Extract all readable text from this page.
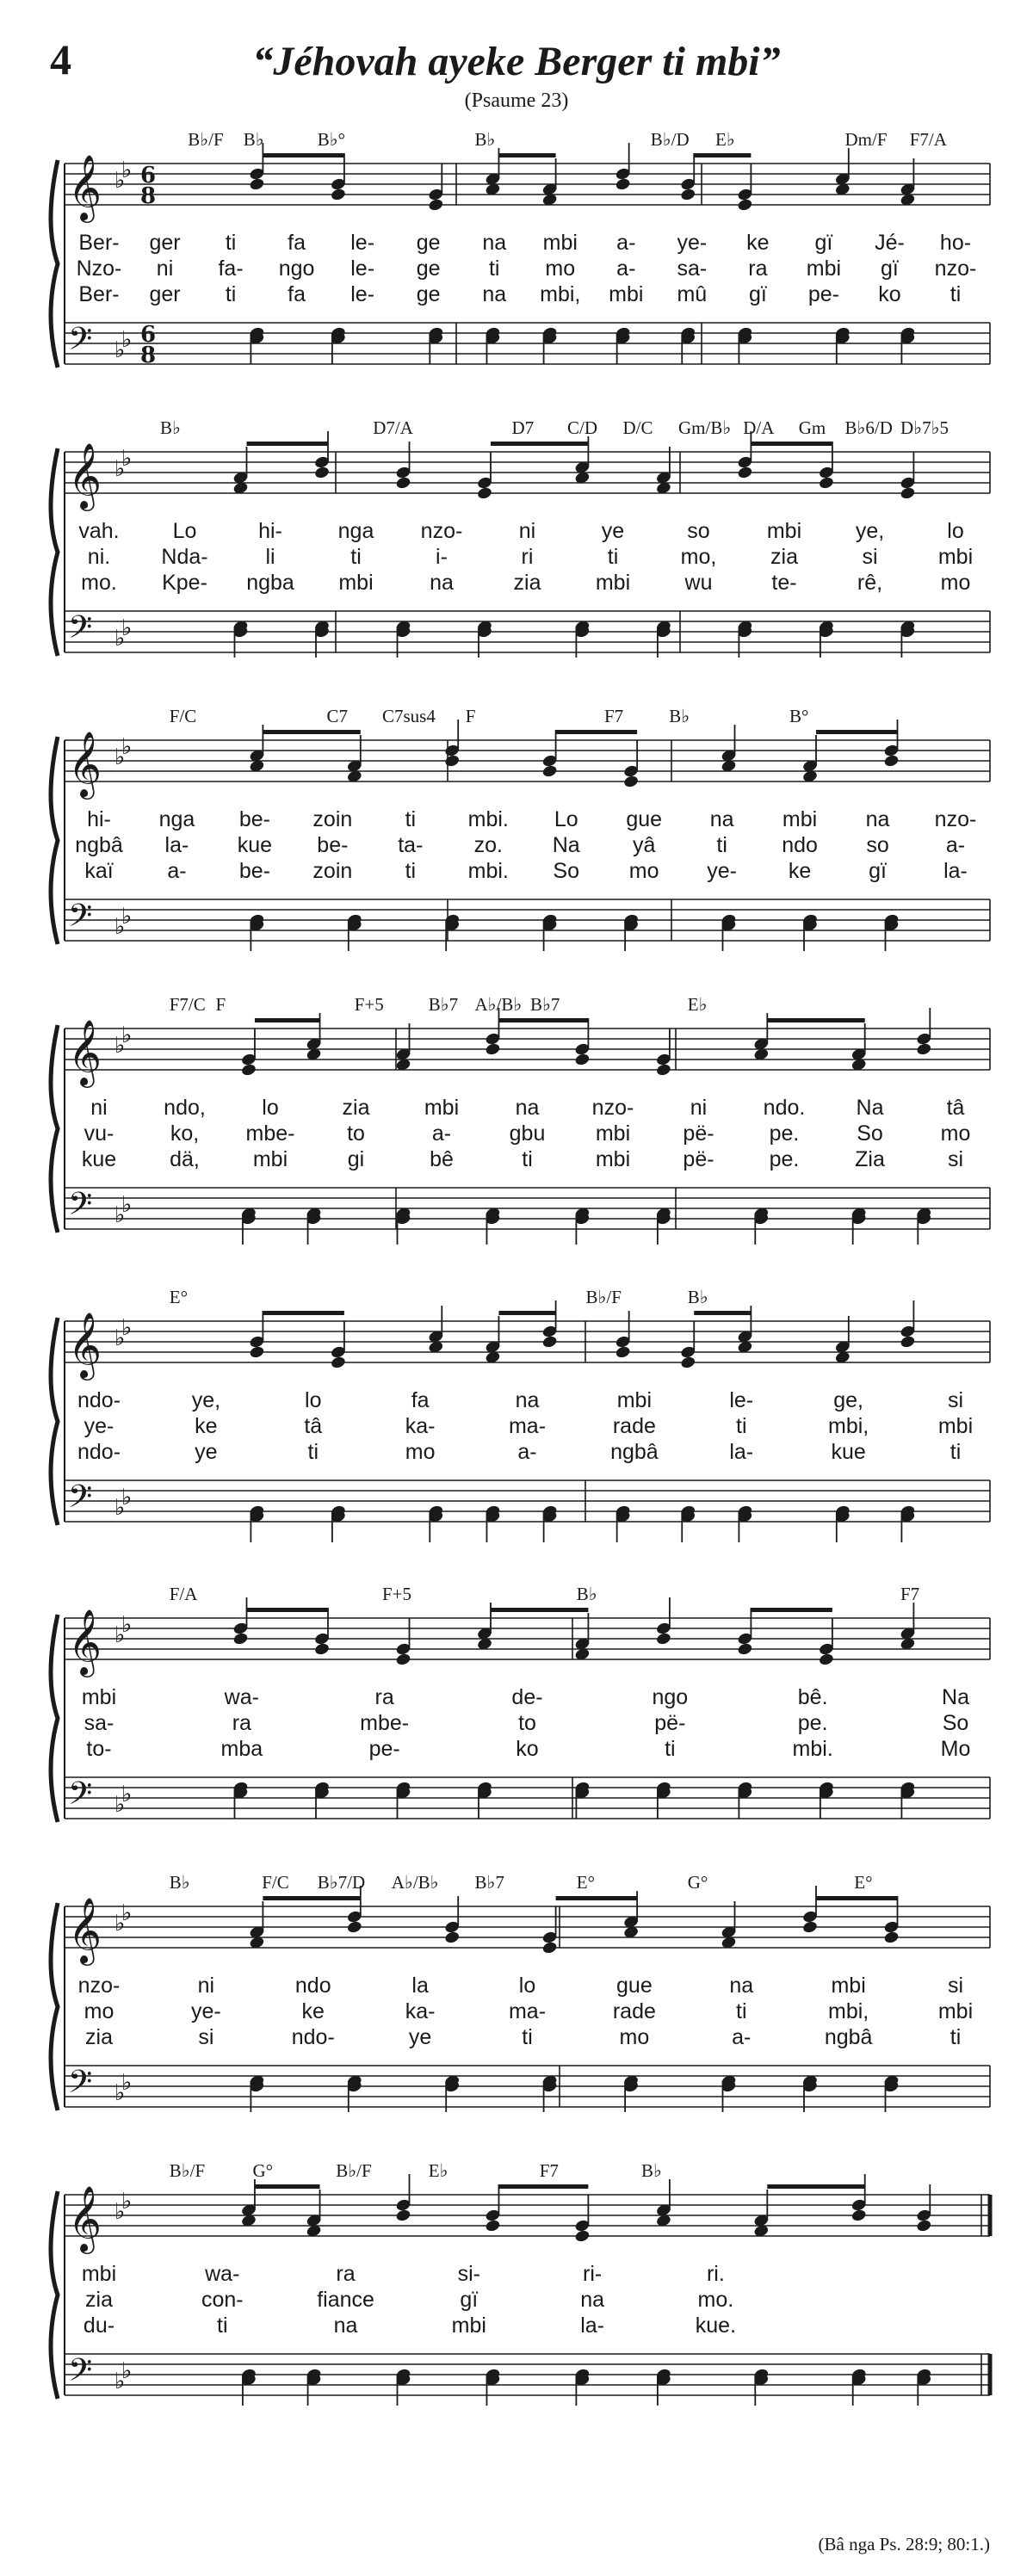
4	“Jéhovah ayeke Berger ti mbi”
(Psaume 23)
𝄞
𝄢
♭
♭
♭
♭
6
8
6
8
B♭/F B♭	B♭°	B♭	B♭/D E♭	Dm/F F7/A
Ber- ger ti fa le- ge na mbi a- ye- ke gï Jé- ho-
Nzo- ni fa- ngo le- ge ti mo a- sa- ra mbi gï nzo-
Ber- ger ti fa le- ge na mbi, mbi mû gï pe- ko ti
𝄞
𝄢
♭
♭
♭
♭
B♭	D7/A	D7 C/D D/C Gm/B♭ D/A Gm B♭6/D D♭7♭5
vah. Lo	hi-	nga nzo-	ni	ye	so	mbi	ye,	lo
ni. Nda-	li	ti	i-	ri	ti	mo,	zia	si	mbi
mo. Kpe- ngba mbi	na	zia	mbi	wu	te-	rê,	mo
𝄞
𝄢
♭
♭
♭
♭
F/C	C7 C7sus4 F	F7	B♭	B°
hi- nga be- zoin ti mbi. Lo gue na mbi na nzo-
ngbâ la- kue be- ta- zo. Na yâ	ti	ndo so	a-
kaï	a- be- zoin ti mbi. So mo ye- ke	gï	la-
𝄞
𝄢
♭
♭
♭
♭
F7/C F	F+5 B♭7 A♭/B♭ B♭7	E♭
ni	ndo,	lo	zia	mbi	na nzo-	ni	ndo. Na	tâ
vu-	ko, mbe- to	a-	gbu mbi pë-	pe.	So	mo
kue dä, mbi	gi	bê	ti	mbi pë-	pe.	Zia	si
𝄞
𝄢
♭
♭
♭
♭
E°	B♭/F	B♭
ndo-	ye,	lo	fa	na	mbi	le-	ge,	si
ye-	ke	tâ	ka-	ma-	rade	ti	mbi,	mbi
ndo-	ye	ti	mo	a-	ngbâ	la-	kue	ti
𝄞
𝄢
♭
♭
♭
♭
F/A	F+5	B♭	F7
mbi	wa-	ra	de-	ngo	bê.	Na
sa-	ra	mbe-	to	pë-	pe.	So
to-	mba	pe-	ko	ti	mbi.	Mo
𝄞
𝄢
♭
♭
♭
♭
B♭	F/C B♭7/D A♭/B♭ B♭7	E°	G°	E°
nzo-	ni	ndo	la	lo	gue	na	mbi	si
mo	ye-	ke	ka-	ma-	rade	ti	mbi,	mbi
zia	si	ndo-	ye	ti	mo	a-	ngbâ	ti
𝄞
𝄢
♭
♭
♭
♭
B♭/F	G°	B♭/F	E♭	F7	B♭
mbi	wa-	ra	si-	ri-	ri.
zia	con-	fiance	gï	na	mo.
du-	ti	na	mbi	la-	kue.
(Bâ nga Ps. 28:9; 80:1.)
